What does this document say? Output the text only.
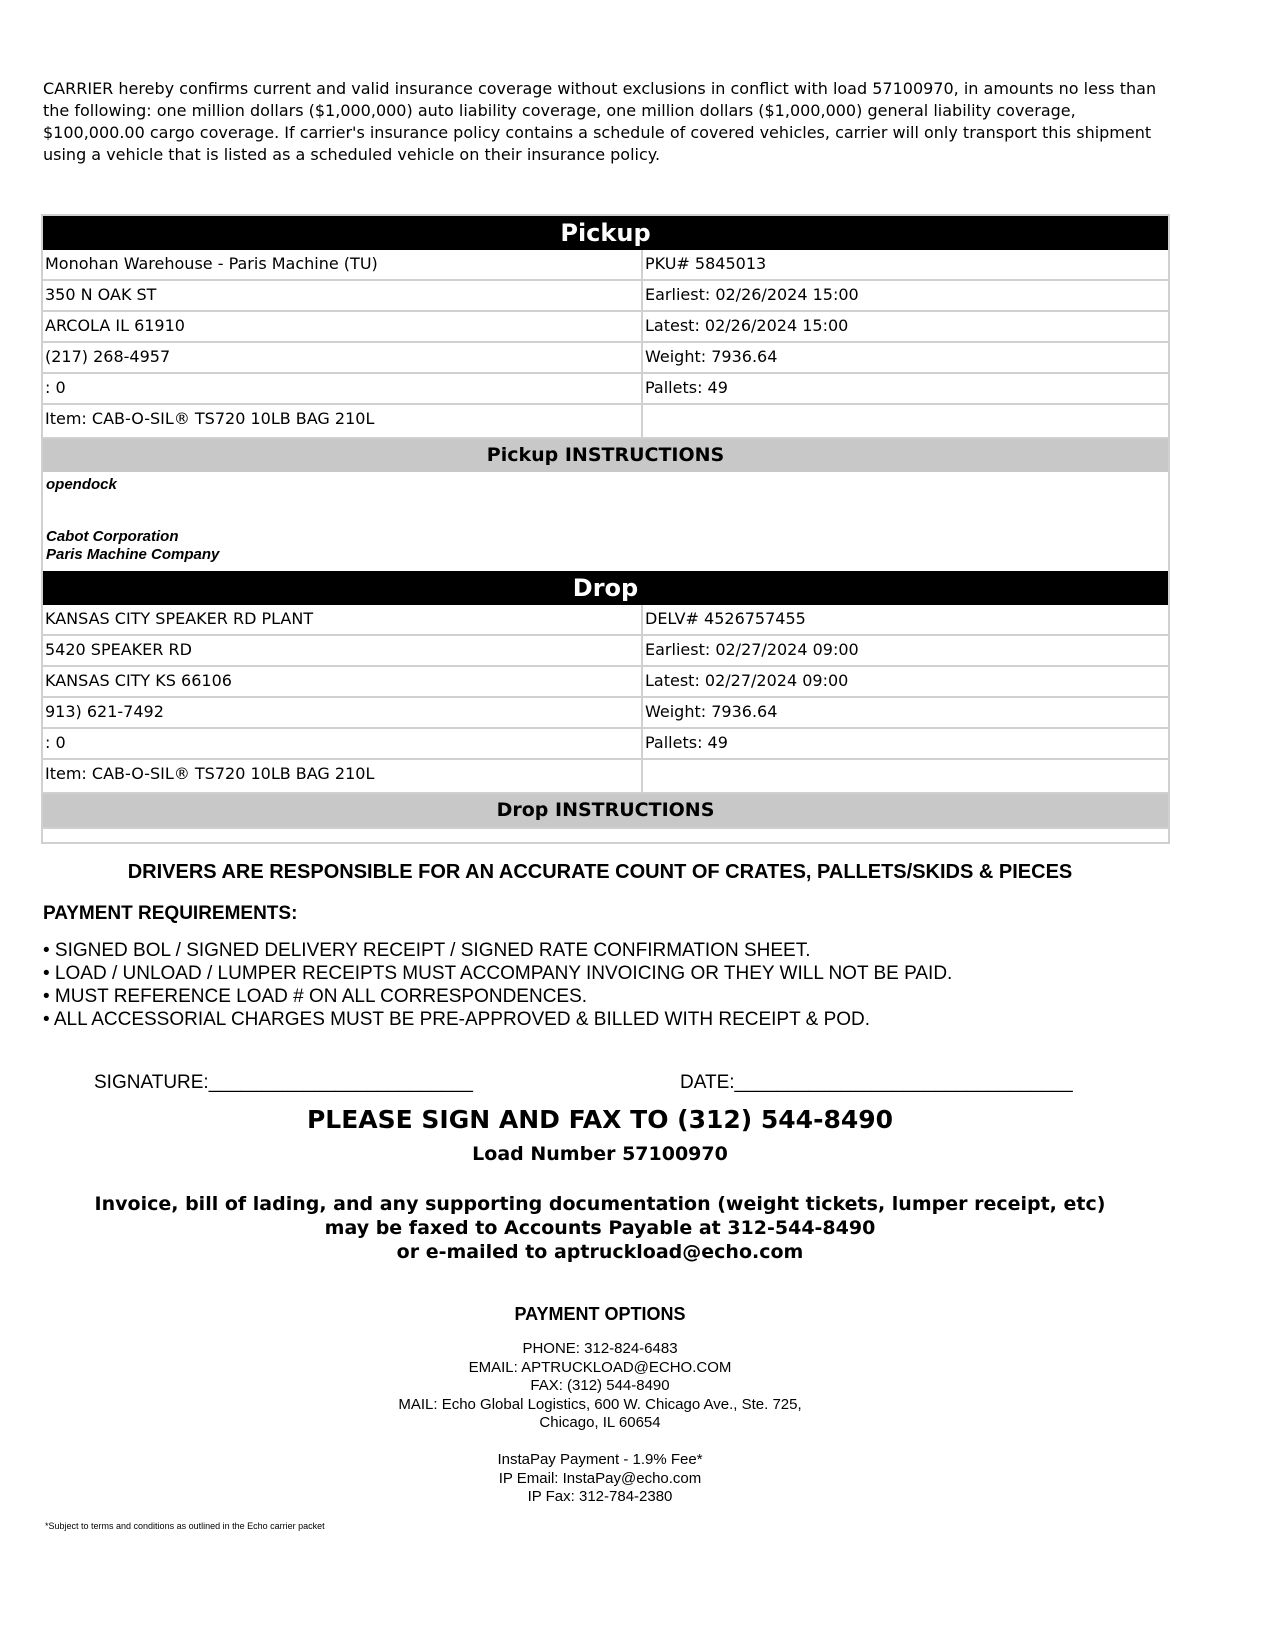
CARRIER hereby confirms current and valid insurance coverage without exclusions in conflict with load 57100970, in amounts no less than the following: one million dollars ($1,000,000) auto liability coverage, one million dollars ($1,000,000) general liability coverage, $100,000.00 cargo coverage. If carrier's insurance policy contains a schedule of covered vehicles, carrier will only transport this shipment using a vehicle that is listed as a scheduled vehicle on their insurance policy.
Pickup
Monohan Warehouse - Paris Machine (TU)	PKU# 5845013
350 N OAK ST	Earliest: 02/26/2024 15:00
ARCOLA IL 61910	Latest: 02/26/2024 15:00
(217) 268-4957	Weight: 7936.64
: 0	Pallets: 49
Item: CAB-O-SIL® TS720 10LB BAG 210L
Pickup INSTRUCTIONS
opendock
Cabot Corporation
Paris Machine Company
Drop
KANSAS CITY SPEAKER RD PLANT	DELV# 4526757455
5420 SPEAKER RD	Earliest: 02/27/2024 09:00
KANSAS CITY KS 66106	Latest: 02/27/2024 09:00
913) 621-7492	Weight: 7936.64
: 0	Pallets: 49
Item: CAB-O-SIL® TS720 10LB BAG 210L
Drop INSTRUCTIONS
DRIVERS ARE RESPONSIBLE FOR AN ACCURATE COUNT OF CRATES, PALLETS/SKIDS & PIECES
PAYMENT REQUIREMENTS:
• SIGNED BOL / SIGNED DELIVERY RECEIPT / SIGNED RATE CONFIRMATION SHEET.
• LOAD / UNLOAD / LUMPER RECEIPTS MUST ACCOMPANY INVOICING OR THEY WILL NOT BE PAID.
• MUST REFERENCE LOAD # ON ALL CORRESPONDENCES.
• ALL ACCESSORIAL CHARGES MUST BE PRE-APPROVED & BILLED WITH RECEIPT & POD.
SIGNATURE:_________________________	DATE:________________________________
PLEASE SIGN AND FAX TO (312) 544-8490
Load Number 57100970
Invoice, bill of lading, and any supporting documentation (weight tickets, lumper receipt, etc)
may be faxed to Accounts Payable at 312-544-8490
or e-mailed to aptruckload@echo.com
PAYMENT OPTIONS
PHONE: 312-824-6483
EMAIL: APTRUCKLOAD@ECHO.COM
FAX: (312) 544-8490
MAIL: Echo Global Logistics, 600 W. Chicago Ave., Ste. 725,
Chicago, IL 60654
InstaPay Payment - 1.9% Fee*
IP Email: InstaPay@echo.com
IP Fax: 312-784-2380
*Subject to terms and conditions as outlined in the Echo carrier packet
